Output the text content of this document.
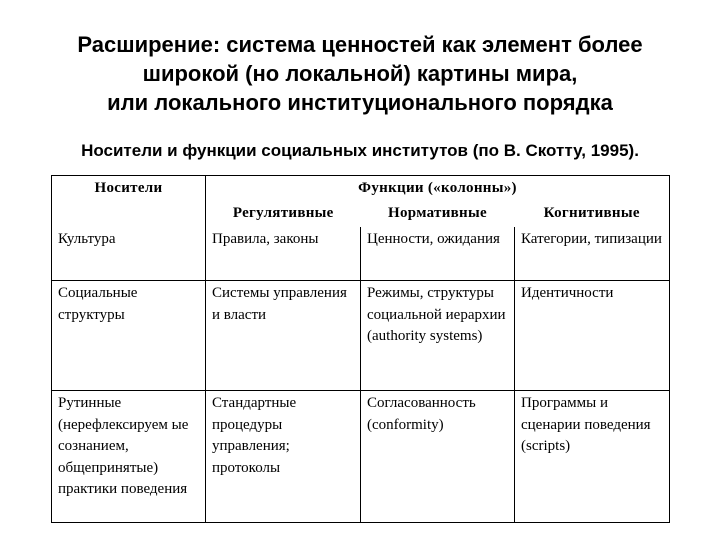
Расширение: система ценностей как элемент более
широкой (но локальной) картины мира,
или локального институционального порядка
Носители и функции социальных институтов (по В. Скотту, 1995).
Носители	Функции («колонны»)		
	Регулятивные	Нормативные	Когнитивные
Культура	Правила, законы	Ценности, ожидания	Категории, типизации
Социальные структуры	Системы управления и власти	Режимы, структуры социальной иерархии (authority systems)	Идентичности
Рутинные (нерефлексируем ые сознанием, общепринятые) практики поведения	Стандартные процедуры управления; протоколы	Согласованность (conformity)	Программы и сценарии поведения (scripts)
